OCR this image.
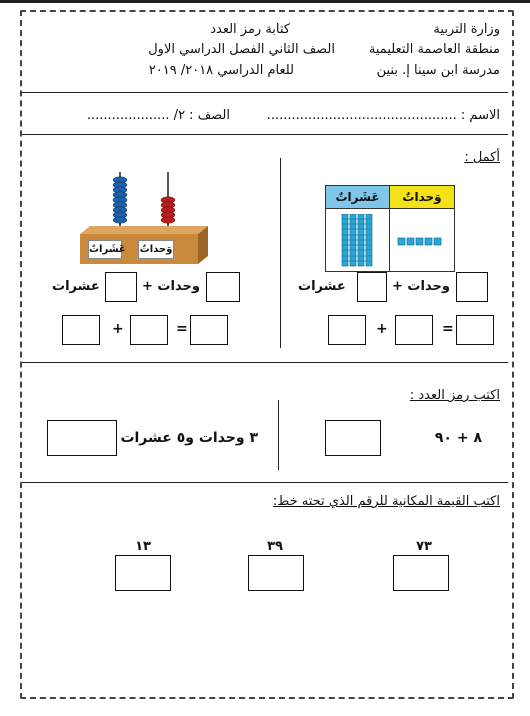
وزارة التربية
منطقة العاصمة التعليمية
مدرسة ابن سينا إ. بنين
كتابة رمز العدد
الصف الثاني الفصل الدراسي الاول
للعام الدراسي ٢٠١٨/ ٢٠١٩
الاسم : ..............................................
الصف : ٢/ ....................
أكمل :
عَشَراتٌ	وَحداتٌ
عَشَراتٌ وَحداتٌ
عشرات	وحدات +
عشرات	وحدات +
+	=
+	=
اكتب رمز العدد :
٨ + ٩٠
٣ وحدات و٥ عشرات
اكتب القيمة المكانية للرقم الذي تحته خط:
٧٣
٣٩
١٣
